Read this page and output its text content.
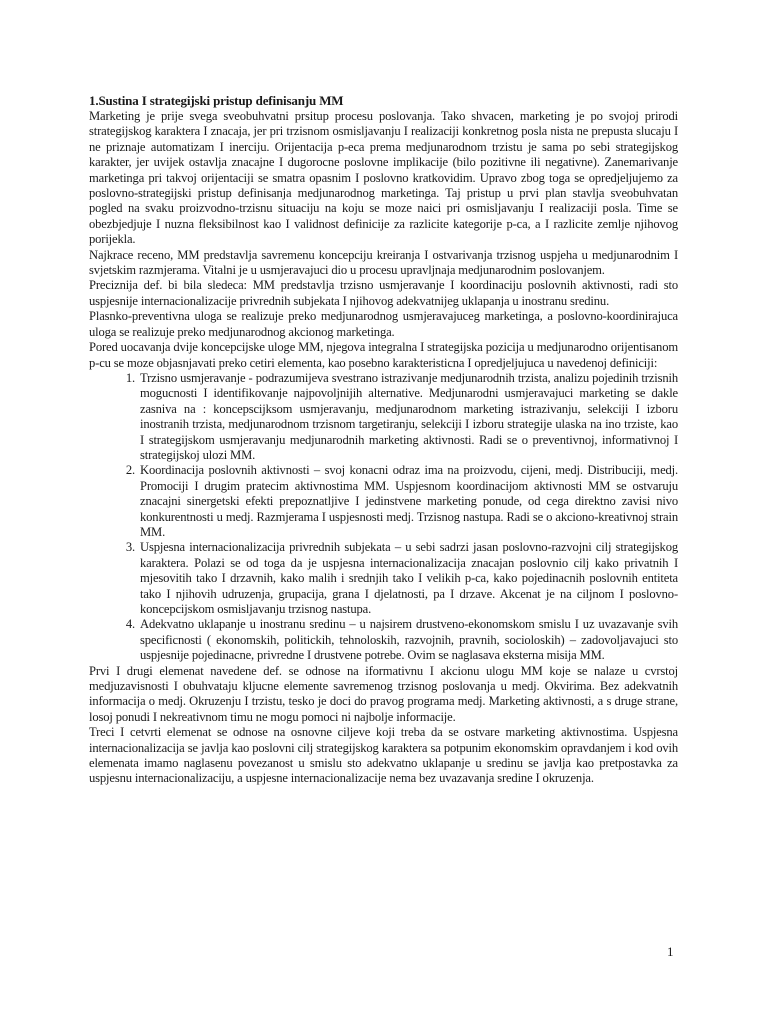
1.Sustina I strategijski pristup definisanju MM

Marketing je prije svega sveobuhvatni prsitup procesu poslovanja. Tako shvacen, marketing je po svojoj prirodi strategijskog karaktera I znacaja, jer pri trzisnom osmisljavanju I realizaciji konkretnog posla nista ne prepusta slucaju I ne priznaje automatizam I inerciju. Orijentacija p-eca prema medjunarodnom trzistu je sama po sebi strategijskog karakter, jer uvijek ostavlja znacajne I dugorocne poslovne implikacije (bilo pozitivne ili negativne). Zanemarivanje marketinga pri takvoj orijentaciji se smatra opasnim I poslovno kratkovidim. Upravo zbog toga se opredjeljujemo za poslovno-strategijski pristup definisanja medjunarodnog marketinga. Taj pristup u prvi plan stavlja sveobuhvatan pogled na svaku proizvodno-trzisnu situaciju na koju se moze naici pri osmisljavanju I realizaciji posla. Time se obezbjedjuje I nuzna fleksibilnost kao I validnost definicije za razlicite kategorije p-ca, a I razlicite zemlje njihovog porijekla.

Najkrace receno, MM predstavlja savremenu koncepciju kreiranja I ostvarivanja trzisnog uspjeha u medjunarodnim I svjetskim razmjerama. Vitalni je u usmjeravajuci dio u procesu upravljnaja medjunarodnim poslovanjem.

Preciznija def. bi bila sledeca: MM predstavlja trzisno usmjeravanje I koordinaciju poslovnih aktivnosti, radi sto uspjesnije internacionalizacije privrednih subjekata I njihovog adekvatnijeg uklapanja u inostranu sredinu.

Plasnko-preventivna uloga se realizuje preko medjunarodnog usmjeravajuceg marketinga, a poslovno-koordinirajuca uloga se realizuje preko medjunarodnog akcionog marketinga.

Pored uocavanja dvije koncepcijske uloge MM, njegova integralna I strategijska pozicija u medjunarodno orijentisanom p-cu se moze objasnjavati preko cetiri elementa, kao posebno karakteristicna I opredjeljujuca u navedenoj definiciji:

1. Trzisno usmjeravanje - podrazumijeva svestrano istrazivanje medjunarodnih trzista, analizu pojedinih trzisnih mogucnosti I identifikovanje najpovoljnijih alternative. Medjunarodni usmjeravajuci marketing se dakle zasniva na : koncepscijksom usmjeravanju, medjunarodnom marketing istrazivanju, selekciji I izboru inostranih trzista, medjunarodnom trzisnom targetiranju, selekciji I izboru strategije ulaska na ino trziste, kao I strategijskom usmjeravanju medjunarodnih marketing aktivnosti. Radi se o preventivnoj, informativnoj I strategijskoj ulozi MM.
2. Koordinacija poslovnih aktivnosti – svoj konacni odraz ima na proizvodu, cijeni, medj. Distribuciji, medj. Promociji I drugim pratecim aktivnostima MM. Uspjesnom koordinacijom aktivnosti MM se ostvaruju znacajni sinergetski efekti prepoznatljive I jedinstvene marketing ponude, od cega direktno zavisi nivo konkurentnosti u medj. Razmjerama I uspjesnosti medj. Trzisnog nastupa. Radi se o akciono-kreativnoj strain MM.
3. Uspjesna internacionalizacija privrednih subjekata – u sebi sadrzi jasan poslovno-razvojni cilj strategijskog karaktera. Polazi se od toga da je uspjesna internacionalizacija znacajan poslovnio cilj kako privatnih I mjesovitih tako I drzavnih, kako malih i srednjih tako I velikih p-ca, kako pojedinacnih poslovnih entiteta tako I njihovih udruzenja, grupacija, grana I djelatnosti, pa I drzave. Akcenat je na ciljnom I poslovno-koncepcijskom osmisljavanju trzisnog nastupa.
4. Adekvatno uklapanje u inostranu sredinu – u najsirem drustveno-ekonomskom smislu I uz uvazavanje svih specificnosti ( ekonomskih, politickih, tehnoloskih, razvojnih, pravnih, socioloskih) – zadovoljavajuci sto uspjesnije pojedinacne, privredne I drustvene potrebe. Ovim se naglasava eksterna misija MM.

Prvi I drugi elemenat navedene def. se odnose na iformativnu I akcionu ulogu MM koje se nalaze u cvrstoj medjuzavisnosti I obuhvataju kljucne elemente savremenog trzisnog poslovanja u medj. Okvirima. Bez adekvatnih informacija o medj. Okruzenju I trzistu, tesko je doci do pravog programa medj. Marketing aktivnosti, a s druge strane, losoj ponudi I nekreativnom timu ne mogu pomoci ni najbolje informacije.

Treci I cetvrti elemenat se odnose na osnovne ciljeve koji treba da se ostvare marketing aktivnostima. Uspjesna internacionalizacija se javlja kao poslovni cilj strategijskog karaktera sa potpunim ekonomskim opravdanjem i kod ovih elemenata imamo naglasenu povezanost u smislu sto adekvatno uklapanje u sredinu se javlja kao pretpostavka za uspjesnu internacionalizaciju, a uspjesne internacionalizacije nema bez uvazavanja sredine I okruzenja.

1
